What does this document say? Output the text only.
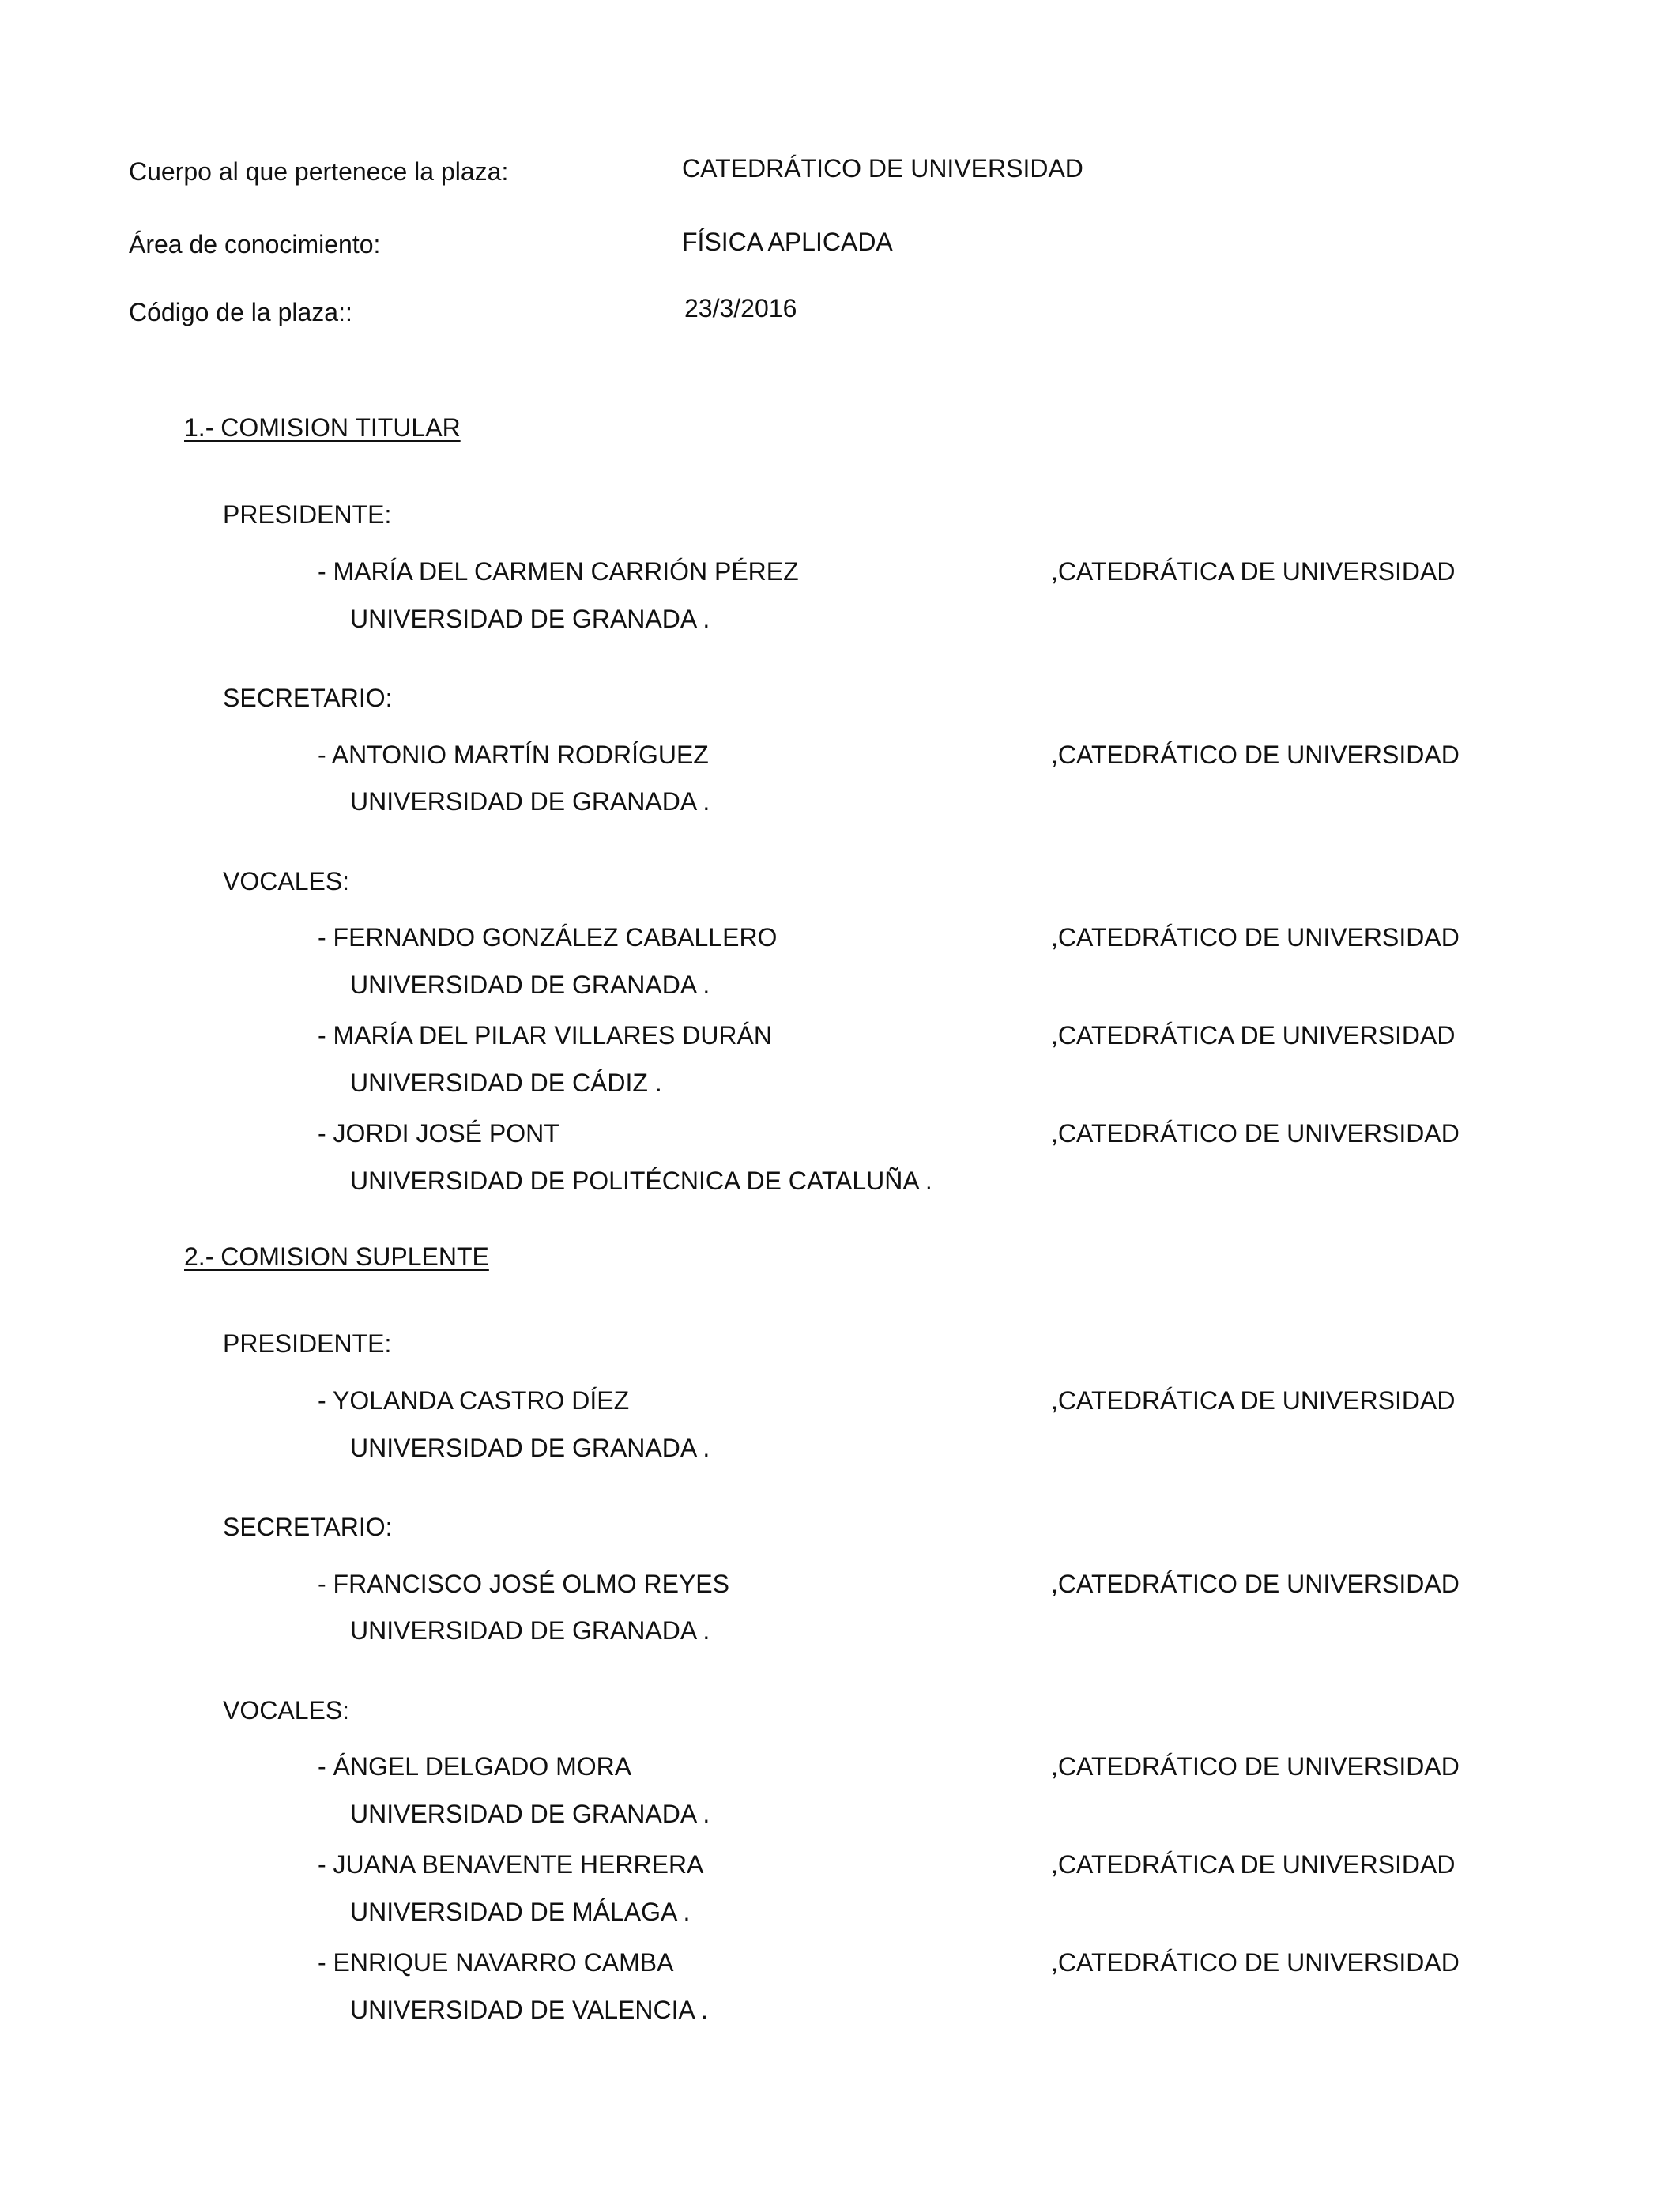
Cuerpo al que pertenece la plaza:	CATEDRÁTICO DE UNIVERSIDAD

Área de conocimiento:	FÍSICA APLICADA

Código de la plaza::	23/3/2016

1.- COMISION TITULAR

PRESIDENTE:

- MARÍA DEL CARMEN CARRIÓN PÉREZ	,CATEDRÁTICA DE UNIVERSIDAD

UNIVERSIDAD DE GRANADA .

SECRETARIO:

- ANTONIO MARTÍN RODRÍGUEZ	,CATEDRÁTICO DE UNIVERSIDAD

UNIVERSIDAD DE GRANADA .

VOCALES:

- FERNANDO GONZÁLEZ CABALLERO	,CATEDRÁTICO DE UNIVERSIDAD

UNIVERSIDAD DE GRANADA .

- MARÍA DEL PILAR VILLARES DURÁN	,CATEDRÁTICA DE UNIVERSIDAD

UNIVERSIDAD DE CÁDIZ .

- JORDI JOSÉ PONT	,CATEDRÁTICO DE UNIVERSIDAD

UNIVERSIDAD DE POLITÉCNICA DE CATALUÑA .

2.- COMISION SUPLENTE

PRESIDENTE:

- YOLANDA CASTRO DÍEZ	,CATEDRÁTICA DE UNIVERSIDAD

UNIVERSIDAD DE GRANADA .

SECRETARIO:

- FRANCISCO JOSÉ OLMO REYES	,CATEDRÁTICO DE UNIVERSIDAD

UNIVERSIDAD DE GRANADA .

VOCALES:

- ÁNGEL DELGADO MORA	,CATEDRÁTICO DE UNIVERSIDAD

UNIVERSIDAD DE GRANADA .

- JUANA BENAVENTE HERRERA	,CATEDRÁTICA DE UNIVERSIDAD

UNIVERSIDAD DE MÁLAGA .

- ENRIQUE NAVARRO CAMBA	,CATEDRÁTICO DE UNIVERSIDAD

UNIVERSIDAD DE VALENCIA .
